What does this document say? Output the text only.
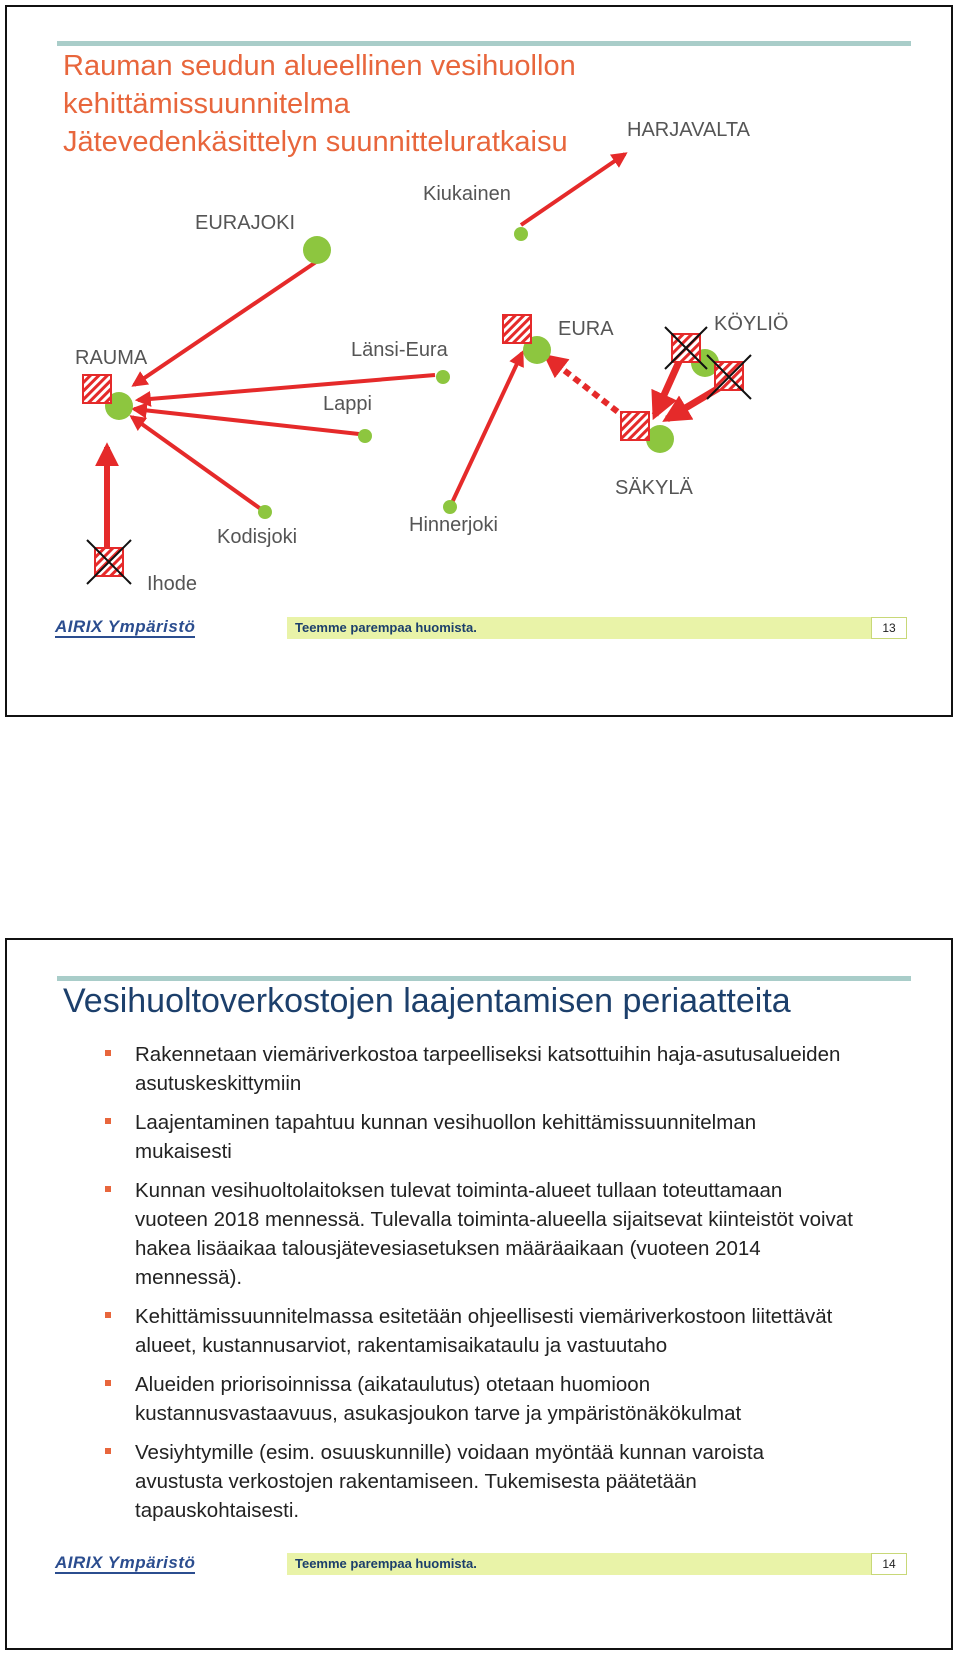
Rauman seudun alueellinen vesihuollon
kehittämissuunnitelma
Jätevedenkäsittelyn suunnitteluratkaisu	HARJAVALTA
Kiukainen
EURAJOKI
RAUMA	Länsi-Eura
EURA	KÖYLIÖ
Lappi
SÄKYLÄ
Hinnerjoki
Kodisjoki
Ihode
AIRIX Ympäristö	Teemme parempaa huomista.	13
Vesihuoltoverkostojen laajentamisen periaatteita
Rakennetaan viemäriverkostoa tarpeelliseksi katsottuihin haja-asutusalueiden asutuskeskittymiin
Laajentaminen tapahtuu kunnan vesihuollon kehittämissuunnitelman mukaisesti
Kunnan vesihuoltolaitoksen tulevat toiminta-alueet tullaan toteuttamaan vuoteen 2018 mennessä. Tulevalla toiminta-alueella sijaitsevat kiinteistöt voivat hakea lisäaikaa talousjätevesiasetuksen määräaikaan (vuoteen 2014 mennessä).
Kehittämissuunnitelmassa esitetään ohjeellisesti viemäriverkostoon liitettävät alueet, kustannusarviot, rakentamisaikataulu ja vastuutaho
Alueiden priorisoinnissa (aikataulutus) otetaan huomioon kustannusvastaavuus, asukasjoukon tarve ja ympäristönäkökulmat
Vesiyhtymille (esim. osuuskunnille) voidaan myöntää kunnan varoista avustusta verkostojen rakentamiseen. Tukemisesta päätetään tapauskohtaisesti.
AIRIX Ympäristö	Teemme parempaa huomista.	14
